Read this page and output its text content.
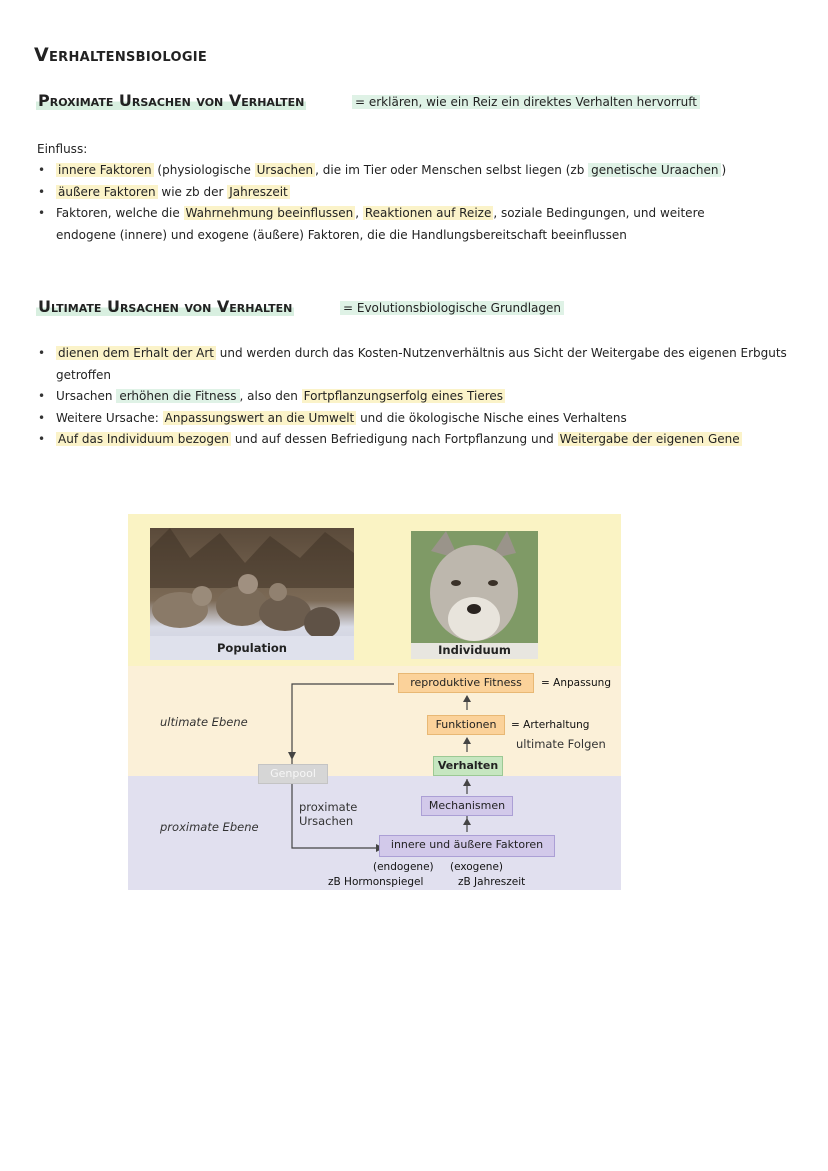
Verhaltensbiologie
Proximate Ursachen von Verhalten	= erklären, wie ein Reiz ein direktes Verhalten hervorruft
Einfluss:
• innere Faktoren (physiologische Ursachen , die im Tier oder Menschen selbst liegen (zb genetische Uraachen )
• äußere Faktoren wie zb der Jahreszeit
• Faktoren, welche die Wahrnehmung beeinflussen , Reaktionen auf Reize , soziale Bedingungen, und weitere endogene (innere) und exogene (äußere) Faktoren, die die Handlungsbereitschaft beeinflussen
Ultimate Ursachen von Verhalten	= Evolutionsbiologische Grundlagen
• dienen dem Erhalt der Art und werden durch das Kosten-Nutzenverhältnis aus Sicht der Weitergabe des eigenen Erbguts getroffen
• Ursachen erhöhen die Fitness , also den Fortpflanzungserfolg eines Tieres
• Weitere Ursache: Anpassungswert an die Umwelt und die ökologische Nische eines Verhaltens
• Auf das Individuum bezogen und auf dessen Befriedigung nach Fortpflanzung und Weitergabe der eigenen Gene
Population	Individuum
ultimate Ebene
proximate Ebene
reproduktive Fitness
Funktionen
Verhalten
Mechanismen
innere und äußere Faktoren
Genpool
ultimate Folgen
proximate
Ursachen
= Anpassung
= Arterhaltung
(endogene) (exogene)
zB Hormonspiegel	zB Jahreszeit
